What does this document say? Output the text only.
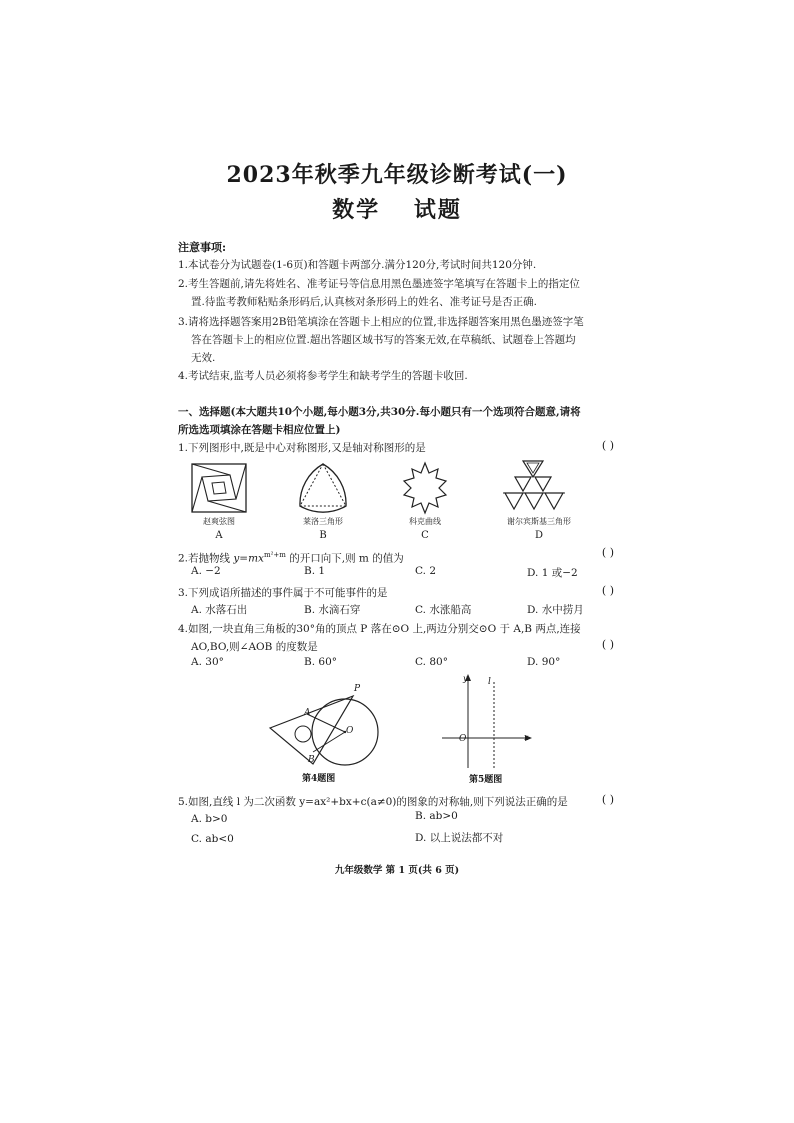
2023年秋季九年级诊断考试(一)
数学 试题
注意事项:
1.本试卷分为试题卷(1-6页)和答题卡两部分.满分120分,考试时间共120分钟.
2.考生答题前,请先将姓名、准考证号等信息用黑色墨迹签字笔填写在答题卡上的指定位
置.待监考教师粘贴条形码后,认真核对条形码上的姓名、准考证号是否正确.
3.请将选择题答案用2B铅笔填涂在答题卡上相应的位置,非选择题答案用黑色墨迹签字笔
答在答题卡上的相应位置.超出答题区域书写的答案无效,在草稿纸、试题卷上答题均
无效.
4.考试结束,监考人员必须将参考学生和缺考学生的答题卡收回.
一、选择题(本大题共10个小题,每小题3分,共30分.每小题只有一个选项符合题意,请将
所选选项填涂在答题卡相应位置上)
1.下列图形中,既是中心对称图形,又是轴对称图形的是	( )
赵爽弦图
A
莱洛三角形
B
科克曲线
C
谢尔宾斯基三角形
D
2.若抛物线 $y=mx^{m^2+m}$ 的开口向下,则 m 的值为	( )
A. −2	B. 1	C. 2	D. 1 或−2
3.下列成语所描述的事件属于不可能事件的是	( )
A. 水落石出	B. 水滴石穿	C. 水涨船高	D. 水中捞月
4.如图,一块直角三角板的30°角的顶点 P 落在⊙O 上,两边分别交⊙O 于 A,B 两点,连接
AO,BO,则∠AOB 的度数是	( )
A. 30°	B. 60°	C. 80°	D. 90°
P
A
B
O
第4题图
y l
O	x
第5题图
5.如图,直线 l 为二次函数 y=ax²+bx+c(a≠0)的图象的对称轴,则下列说法正确的是	( )
A. b>0	B. ab>0
C. ab<0	D. 以上说法都不对
九年级数学 第 1 页(共 6 页)
